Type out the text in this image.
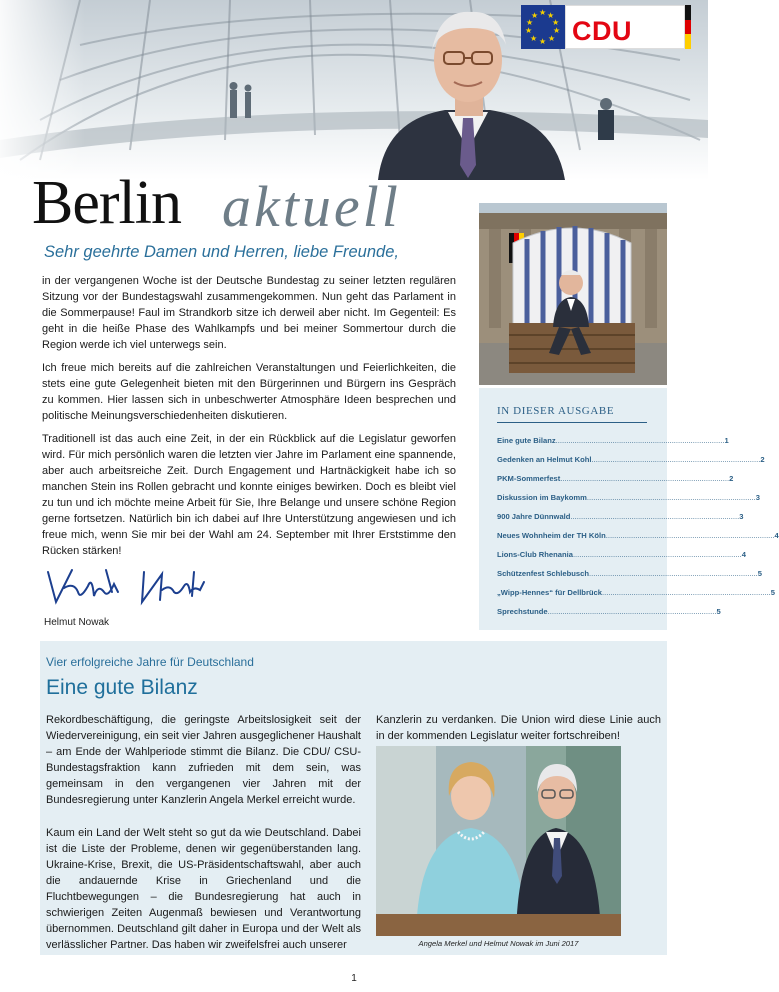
★ ★
★
★
★
★
★
★
★
★
CDU
Berlin aktuell
Sehr geehrte Damen und Herren, liebe Freunde,
in der vergangenen Woche ist der Deutsche Bundestag zu seiner letzten regulären Sitzung vor der Bundestagswahl zusammengekommen. Nun geht das Parlament in die Sommerpause! Faul im Strandkorb sitze ich derweil aber nicht. Im Gegenteil: Es geht in die heiße Phase des Wahlkampfs und bei meiner Sommertour durch die Region werde ich viel unterwegs sein.
Ich freue mich bereits auf die zahlreichen Veranstaltungen und Feierlichkeiten, die stets eine gute Gelegenheit bieten mit den Bürgerinnen und Bürgern ins Gespräch zu kommen. Hier lassen sich in unbeschwerter Atmosphäre Ideen besprechen und politische Meinungsverschiedenheiten diskutieren.
Traditionell ist das auch eine Zeit, in der ein Rückblick auf die Legislatur geworfen wird. Für mich persönlich waren die letzten vier Jahre im Parlament eine spannende, aber auch arbeitsreiche Zeit. Durch Engagement und Hartnäckigkeit habe ich so manchen Stein ins Rollen gebracht und konnte einiges bewirken. Doch es bleibt viel zu tun und ich möchte meine Arbeit für Sie, Ihre Belange und unsere schöne Region gerne fortsetzen. Natürlich bin ich dabei auf Ihre Unterstützung angewiesen und ich freue mich, wenn Sie mir bei der Wahl am 24. September mit Ihrer Erststimme den Rücken stärken!
Helmut Nowak
IN DIESER AUSGABE
Eine gute Bilanz ................................................................................ 1
Gedenken an Helmut Kohl ................................................................................ 2
PKM-Sommerfest ................................................................................ 2
Diskussion im Baykomm ................................................................................ 3
900 Jahre Dünnwald ................................................................................ 3
Neues Wohnheim der TH Köln ................................................................................ 4
Lions-Club Rhenania ................................................................................ 4
Schützenfest Schlebusch ................................................................................ 5
„Wipp-Hennes“ für Dellbrück ................................................................................ 5
Sprechstunde ................................................................................ 5
Vier erfolgreiche Jahre für Deutschland
Eine gute Bilanz
Rekordbeschäftigung, die geringste Arbeitslosigkeit seit der Wiedervereinigung, ein seit vier Jahren ausgeglichener Haushalt – am Ende der Wahlperiode stimmt die Bilanz. Die CDU/ CSU-Bundestagsfraktion kann zufrieden mit dem sein, was gemeinsam in den vergangenen vier Jahren mit der Bundesregierung unter Kanzlerin Angela Merkel erreicht wurde.
Kaum ein Land der Welt steht so gut da wie Deutschland. Dabei ist die Liste der Probleme, denen wir gegenüberstanden lang. Ukraine-Krise, Brexit, die US-Präsidentschaftswahl, aber auch die andauernde Krise in Griechenland und die Fluchtbewegungen – die Bundesregierung hat auch in schwierigen Zeiten Augenmaß bewiesen und Verantwortung übernommen. Deutschland gilt daher in Europa und der Welt als verlässlicher Partner. Das haben wir zweifelsfrei auch unserer
Kanzlerin zu verdanken. Die Union wird diese Linie auch in der kommenden Legislatur weiter fortschreiben!
Angela Merkel und Helmut Nowak im Juni 2017
1
